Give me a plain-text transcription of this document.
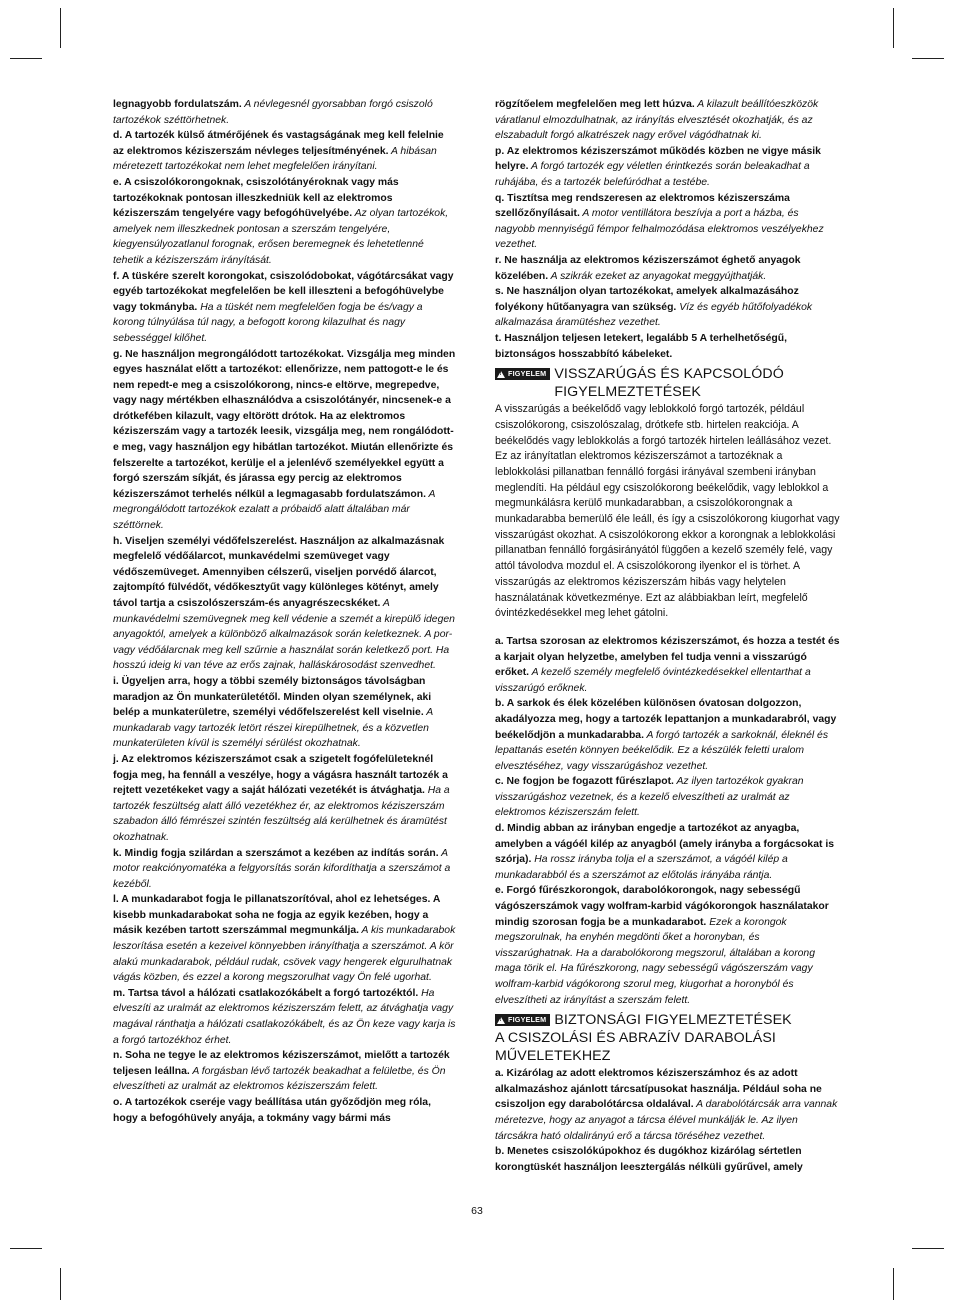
legnagyobb fordulatszám. A névlegesnél gyorsabban forgó csiszoló tartozékok széttörhetnek.

d. A tartozék külső átmérőjének és vastagságának meg kell felelnie az elektromos kéziszerszám névleges teljesítményének. A hibásan méretezett tartozékokat nem lehet megfelelően irányítani.

e. A csiszolókorongoknak, csiszolótányéroknak vagy más tartozékoknak pontosan illeszkedniük kell az elektromos kéziszerszám tengelyére vagy befogóhüvelyébe. Az olyan tartozékok, amelyek nem illeszkednek pontosan a szerszám tengelyére, kiegyensúlyozatlanul forognak, erősen beremegnek és lehetetlenné tehetik a kéziszerszám irányítását.

f. A tüskére szerelt korongokat, csiszolódobokat, vágótárcsákat vagy egyéb tartozékokat megfelelően be kell illeszteni a befogóhüvelybe vagy tokmányba. Ha a tüskét nem megfelelően fogja be és/vagy a korong túlnyúlása túl nagy, a befogott korong kilazulhat és nagy sebességgel kilőhet.

g. Ne használjon megrongálódott tartozékokat. Vizsgálja meg minden egyes használat előtt a tartozékot: ellenőrizze, nem pattogott-e le és nem repedt-e meg a csiszolókorong, nincs-e eltörve, megrepedve, vagy nagy mértékben elhasználódva a csiszolótányér, nincsenek-e a drótkefében kilazult, vagy eltörött drótok. Ha az elektromos kéziszerszám vagy a tartozék leesik, vizsgálja meg, nem rongálódott-e meg, vagy használjon egy hibátlan tartozékot. Miután ellenőrizte és felszerelte a tartozékot, kerülje el a jelenlévő személyekkel együtt a forgó szerszám síkját, és járassa egy percig az elektromos kéziszerszámot terhelés nélkül a legmagasabb fordulatszámon. A megrongálódott tartozékok ezalatt a próbaidő alatt általában már széttörnek.

h. Viseljen személyi védőfelszerelést. Használjon az alkalmazásnak megfelelő védőálarcot, munkavédelmi szemüveget vagy védőszemüveget. Amennyiben célszerű, viseljen porvédő álarcot, zajtompító fülvédőt, védőkesztyűt vagy különleges kötényt, amely távol tartja a csiszolószerszám-és anyagrészecskéket. A munkavédelmi szemüvegnek meg kell védenie a szemét a kirepülő idegen anyagoktól, amelyek a különböző alkalmazások során keletkeznek. A por- vagy védőálarcnak meg kell szűrnie a használat során keletkező port. Ha hosszú ideig ki van téve az erős zajnak, halláskárosodást szenvedhet.

i. Ügyeljen arra, hogy a többi személy biztonságos távolságban maradjon az Ön munkaterületétől. Minden olyan személynek, aki belép a munkaterületre, személyi védőfelszerelést kell viselnie. A munkadarab vagy tartozék letört részei kirepülhetnek, és a közvetlen munkaterületen kívül is személyi sérülést okozhatnak.

j. Az elektromos kéziszerszámot csak a szigetelt fogófelületeknél fogja meg, ha fennáll a veszélye, hogy a vágásra használt tartozék a rejtett vezetékeket vagy a saját hálózati vezetékét is átvághatja. Ha a tartozék feszültség alatt álló vezetékhez ér, az elektromos kéziszerszám szabadon álló fémrészei szintén feszültség alá kerülhetnek és áramütést okozhatnak.

k. Mindig fogja szilárdan a szerszámot a kezében az indítás során. A motor reakciónyomatéka a felgyorsítás során kifordíthatja a szerszámot a kezéből.

l. A munkadarabot fogja le pillanatszorítóval, ahol ez lehetséges. A kisebb munkadarabokat soha ne fogja az egyik kezében, hogy a másik kezében tartott szerszámmal megmunkálja. A kis munkadarabok leszorítása esetén a kezeivel könnyebben irányíthatja a szerszámot. A kör alakú munkadarabok, például rudak, csövek vagy hengerek elgurulhatnak vágás közben, és ezzel a korong megszorulhat vagy Ön felé ugorhat.

m. Tartsa távol a hálózati csatlakozókábelt a forgó tartozéktól. Ha elveszíti az uralmát az elektromos kéziszerszám felett, az átvághatja vagy magával ránthatja a hálózati csatlakozókábelt, és az Ön keze vagy karja is a forgó tartozékhoz érhet.

n. Soha ne tegye le az elektromos kéziszerszámot, mielőtt a tartozék teljesen leállna. A forgásban lévő tartozék beakadhat a felületbe, és Ön elveszítheti az uralmát az elektromos kéziszerszám felett.

o. A tartozékok cseréje vagy beállítása után győződjön meg róla, hogy a befogóhüvely anyája, a tokmány vagy bármi más

rögzítőelem megfelelően meg lett húzva. A kilazult beállítóeszközök váratlanul elmozdulhatnak, az irányítás elvesztését okozhatják, és az elszabadult forgó alkatrészek nagy erővel vágódhatnak ki.

p. Az elektromos kéziszerszámot működés közben ne vigye másik helyre. A forgó tartozék egy véletlen érintkezés során beleakadhat a ruhájába, és a tartozék belefúródhat a testébe.

q. Tisztítsa meg rendszeresen az elektromos kéziszerszáma szellőzőnyílásait. A motor ventillátora beszívja a port a házba, és nagyobb mennyiségű fémpor felhalmozódása elektromos veszélyekhez vezethet.

r. Ne használja az elektromos kéziszerszámot éghető anyagok közelében. A szikrák ezeket az anyagokat meggyújthatják.

s. Ne használjon olyan tartozékokat, amelyek alkalmazásához folyékony hűtőanyagra van szükség. Víz és egyéb hűtőfolyadékok alkalmazása áramütéshez vezethet.

t. Használjon teljesen letekert, legalább 5 A terhelhetőségű, biztonságos hosszabbító kábeleket.

!
FIGYELEM VISSZARÚGÁS ÉS KAPCSOLÓDÓ
FIGYELMEZTETÉSEK

A visszarúgás a beékelődő vagy leblokkoló forgó tartozék, például csiszolókorong, csiszolószalag, drótkefe stb. hirtelen reakciója. A beékelődés vagy leblokkolás a forgó tartozék hirtelen leállásához vezet. Ez az irányítatlan elektromos kéziszerszámot a tartozéknak a leblokkolási pillanatban fennálló forgási irányával szembeni irányban meglendíti. Ha például egy csiszolókorong beékelődik, vagy leblokkol a megmunkálásra kerülő munkadarabban, a csiszolókorongnak a munkadarabba bemerülő éle leáll, és így a csiszolókorong kiugorhat vagy visszarúgást okozhat. A csiszolókorong ekkor a korongnak a leblokkolási pillanatban fennálló forgásirányától függően a kezelő személy felé, vagy attól távolodva mozdul el. A csiszolókorong ilyenkor el is törhet. A visszarúgás az elektromos kéziszerszám hibás vagy helytelen használatának következménye. Ezt az alábbiakban leírt, megfelelő óvintézkedésekkel meg lehet gátolni.

a. Tartsa szorosan az elektromos kéziszerszámot, és hozza a testét és a karjait olyan helyzetbe, amelyben fel tudja venni a visszarúgó erőket. A kezelő személy megfelelő óvintézkedésekkel ellentarthat a visszarúgó erőknek.

b. A sarkok és élek közelében különösen óvatosan dolgozzon, akadályozza meg, hogy a tartozék lepattanjon a munkadarabról, vagy beékelődjön a munkadarabba. A forgó tartozék a sarkoknál, éleknél és lepattanás esetén könnyen beékelődik. Ez a készülék feletti uralom elvesztéséhez, vagy visszarúgáshoz vezethet.

c. Ne fogjon be fogazott fűrészlapot. Az ilyen tartozékok gyakran visszarúgáshoz vezetnek, és a kezelő elveszítheti az uralmát az elektromos kéziszerszám felett.

d. Mindig abban az irányban engedje a tartozékot az anyagba, amelyben a vágóél kilép az anyagból (amely irányba a forgácsokat is szórja). Ha rossz irányba tolja el a szerszámot, a vágóél kilép a munkadarabból és a szerszámot az előtolás irányába rántja.

e. Forgó fűrészkorongok, darabolókorongok, nagy sebességű vágószerszámok vagy wolfram-karbid vágókorongok használatakor mindig szorosan fogja be a munkadarabot. Ezek a korongok megszorulnak, ha enyhén megdönti őket a horonyban, és visszarúghatnak. Ha a darabolókorong megszorul, általában a korong maga törik el. Ha fűrészkorong, nagy sebességű vágószerszám vagy wolfram-karbid vágókorong szorul meg, kiugorhat a horonyból és elveszítheti az irányítást a szerszám felett.

!
FIGYELEM BIZTONSÁGI FIGYELMEZTETÉSEK
A CSISZOLÁSI ÉS ABRAZÍV DARABOLÁSI
MŰVELETEKHEZ

a. Kizárólag az adott elektromos kéziszerszámhoz és az adott alkalmazáshoz ajánlott tárcsatípusokat használja. Például soha ne csiszoljon egy darabolótárcsa oldalával. A darabolótárcsák arra vannak méretezve, hogy az anyagot a tárcsa élével munkálják le. Az ilyen tárcsákra ható oldalirányú erő a tárcsa töréséhez vezethet.

b. Menetes csiszolókúpokhoz és dugókhoz kizárólag sértetlen korongtüskét használjon leesztergálás nélküli gyűrűvel, amely

63
